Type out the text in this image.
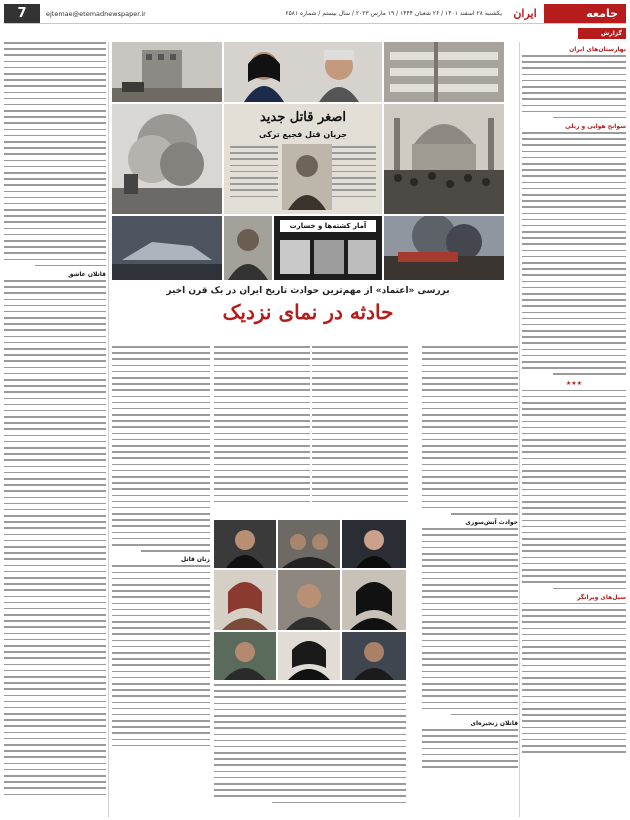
جامعه
ایران
یکشنبه ۲۸ اسفند ۱۴۰۱ / ۲۶ شعبان ۱۴۴۴ / ۱۹ مارس ۲۰۲۳ / سال بیستم / شماره ۶۵۸۱
ejtemae@etemadnewspaper.ir
7
گزارش
بهارستان‌های ایران
سوانح هوایی و ریلی
★★★
سیل‌های ویرانگر
اصغر قاتل جدید
جریان قتل فجیع ترکی
آمار کشته‌ها و خسارت
بررسی «اعتماد» از مهم‌ترین حوادث تاریخ ایران در یک قرن اخیر
حادثه در نمای نزدیک
حوادث آتش‌سوزی
قاتلان زنجیره‌ای
زنان قاتل
قاتلان عاشق
